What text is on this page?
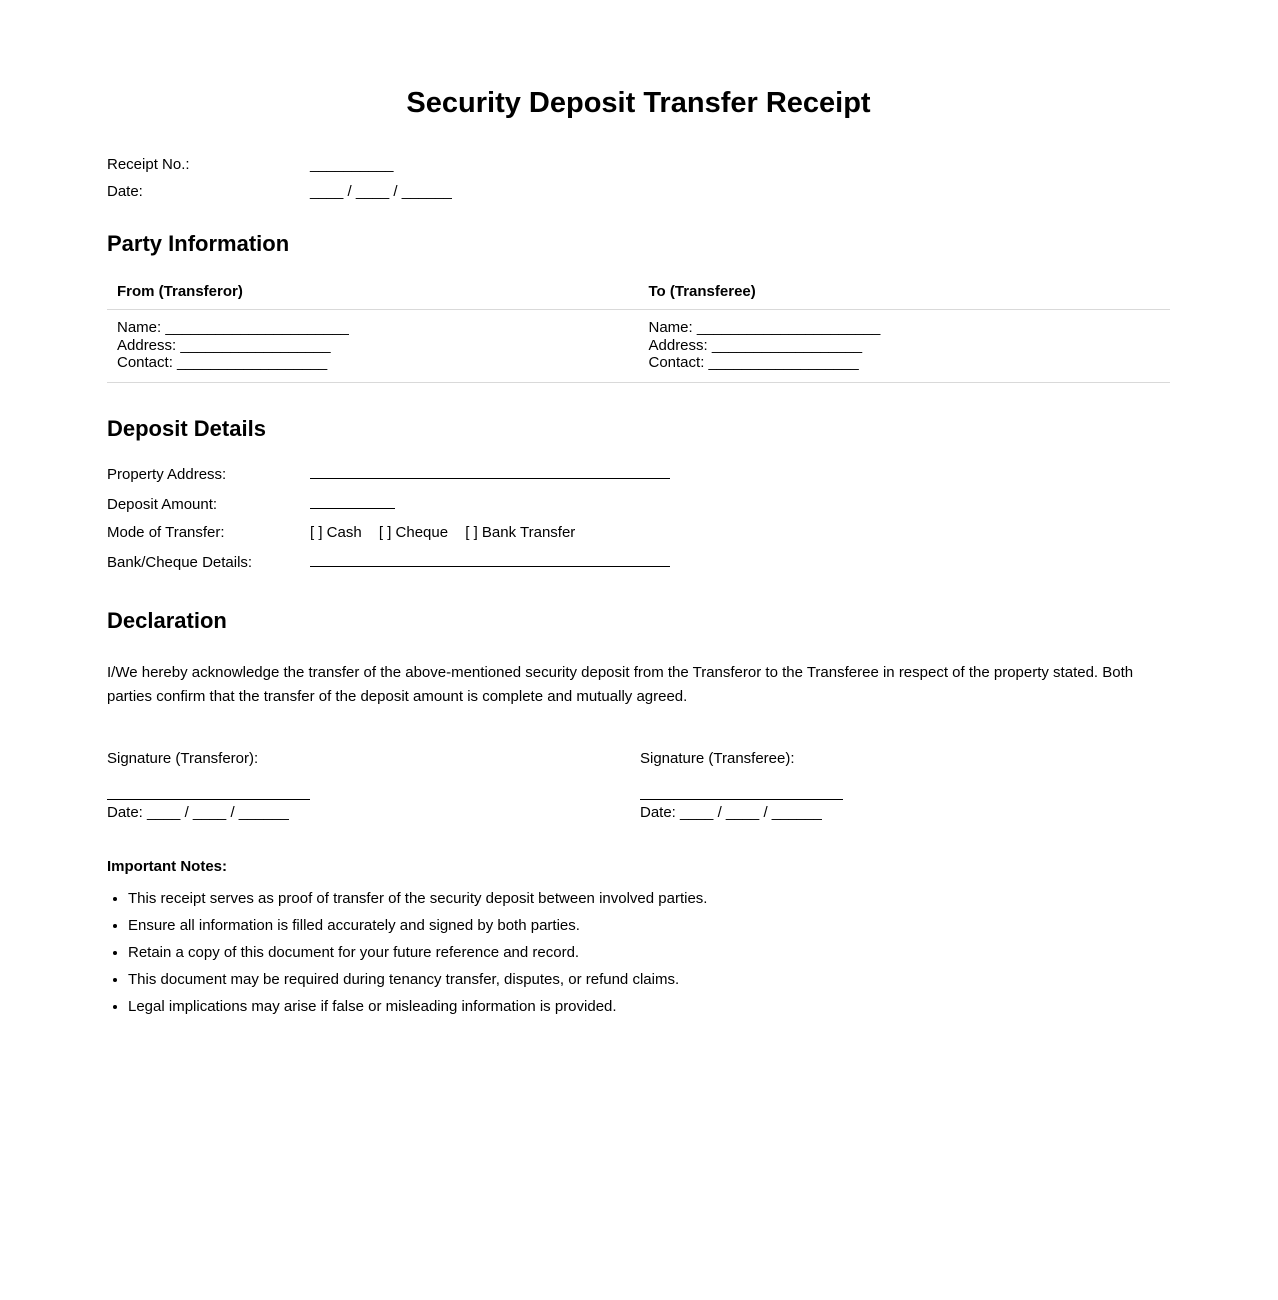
Security Deposit Transfer Receipt
Receipt No.:	__________
Date:	____ / ____ / ______
Party Information
From (Transferor)	To (Transferee)

Name: ______________________
Address: __________________
Contact: __________________

Name: ______________________
Address: __________________
Contact: __________________
Deposit Details
Property Address:
Deposit Amount:
Mode of Transfer:	[ ] Cash [ ] Cheque [ ] Bank Transfer
Bank/Cheque Details:
Declaration

I/We hereby acknowledge the transfer of the above-mentioned security deposit from the Transferor to the Transferee in respect of the property stated. Both parties confirm that the transfer of the deposit amount is complete and mutually agreed.

Signature (Transferor):
Date: ____ / ____ / ______
Signature (Transferee):
Date: ____ / ____ / ______

Important Notes:

• This receipt serves as proof of transfer of the security deposit between involved parties.
• Ensure all information is filled accurately and signed by both parties.
• Retain a copy of this document for your future reference and record.
• This document may be required during tenancy transfer, disputes, or refund claims.
• Legal implications may arise if false or misleading information is provided.
